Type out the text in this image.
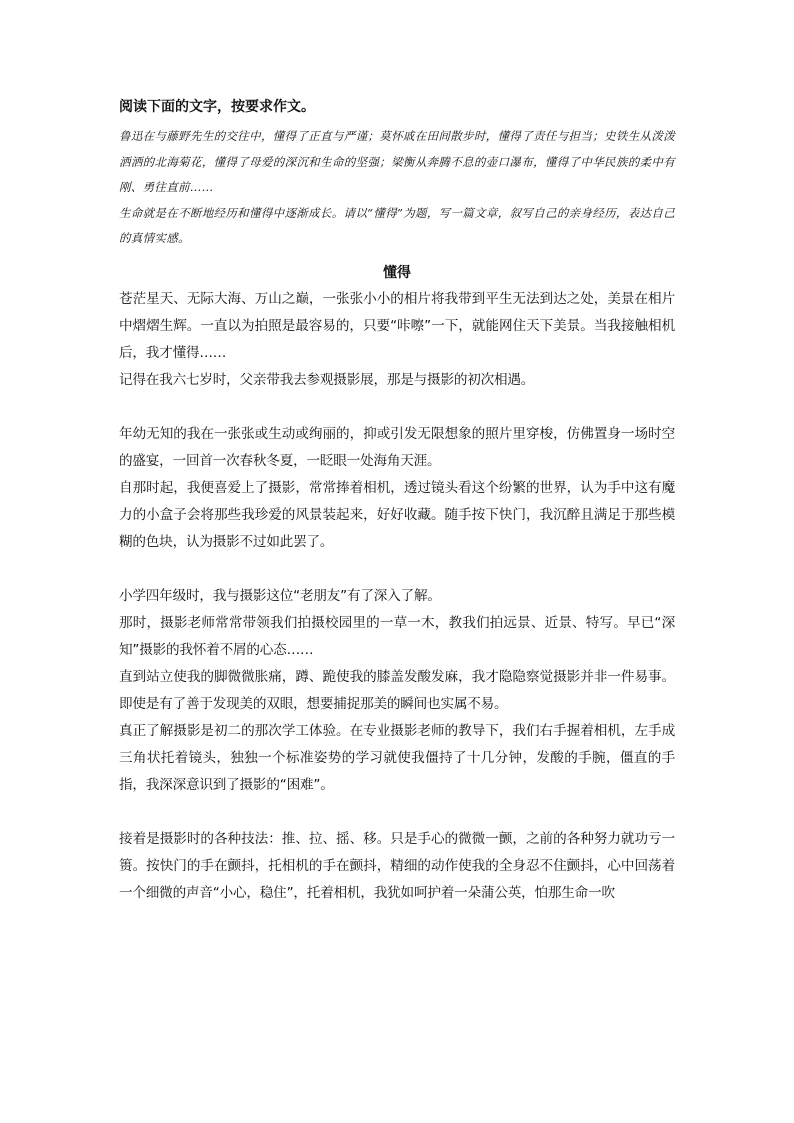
阅读下面的文字，按要求作文。

鲁迅在与藤野先生的交往中，懂得了正直与严谨；莫怀戚在田间散步时，懂得了责任与担当；史铁生从泼泼洒洒的北海菊花，懂得了母爱的深沉和生命的坚强；梁衡从奔腾不息的壶口瀑布，懂得了中华民族的柔中有刚、勇往直前……

生命就是在不断地经历和懂得中逐渐成长。请以“懂得”为题，写一篇文章，叙写自己的亲身经历，表达自己的真情实感。

懂得

苍茫星天、无际大海、万山之巅，一张张小小的相片将我带到平生无法到达之处，美景在相片中熠熠生辉。一直以为拍照是最容易的，只要“咔嚓”一下，就能网住天下美景。当我接触相机后，我才懂得……

记得在我六七岁时，父亲带我去参观摄影展，那是与摄影的初次相遇。

年幼无知的我在一张张或生动或绚丽的，抑或引发无限想象的照片里穿梭，仿佛置身一场时空的盛宴，一回首一次春秋冬夏，一眨眼一处海角天涯。

自那时起，我便喜爱上了摄影，常常捧着相机，透过镜头看这个纷繁的世界，认为手中这有魔力的小盒子会将那些我珍爱的风景装起来，好好收藏。随手按下快门，我沉醉且满足于那些模糊的色块，认为摄影不过如此罢了。

小学四年级时，我与摄影这位“老朋友”有了深入了解。

那时，摄影老师常常带领我们拍摄校园里的一草一木，教我们拍远景、近景、特写。早已“深知”摄影的我怀着不屑的心态……

直到站立使我的脚微微胀痛，蹲、跪使我的膝盖发酸发麻，我才隐隐察觉摄影并非一件易事。即使是有了善于发现美的双眼，想要捕捉那美的瞬间也实属不易。

真正了解摄影是初二的那次学工体验。在专业摄影老师的教导下，我们右手握着相机，左手成三角状托着镜头，独独一个标准姿势的学习就使我僵持了十几分钟，发酸的手腕，僵直的手指，我深深意识到了摄影的“困难”。

接着是摄影时的各种技法：推、拉、摇、移。只是手心的微微一颤，之前的各种努力就功亏一篑。按快门的手在颤抖，托相机的手在颤抖，精细的动作使我的全身忍不住颤抖，心中回荡着一个细微的声音“小心，稳住”，托着相机，我犹如呵护着一朵蒲公英，怕那生命一吹
